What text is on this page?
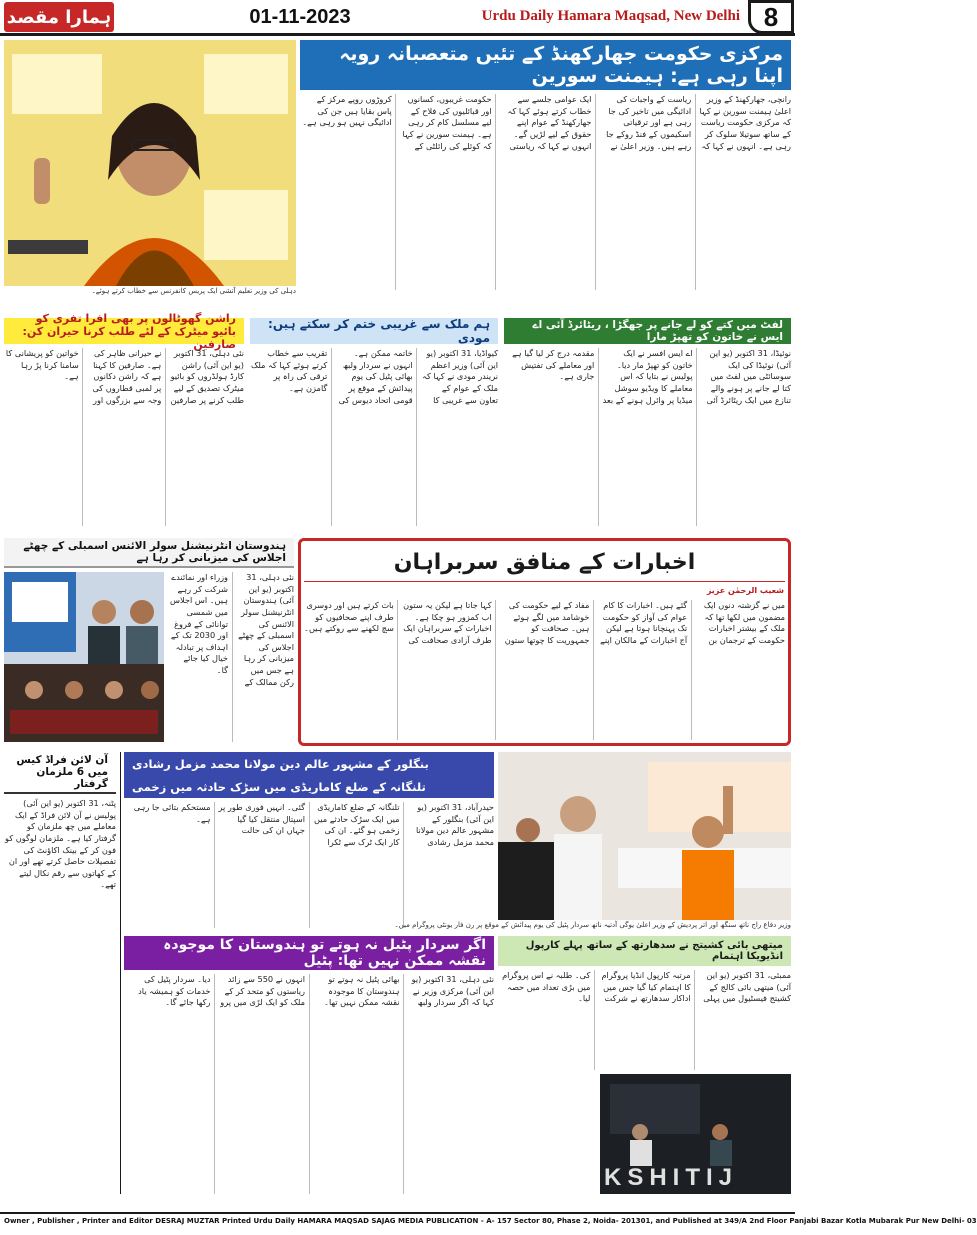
ہمارا مقصد	01-11-2023	Urdu Daily Hamara Maqsad, New Delhi 8
دہلی کی وزیر تعلیم آتشی ایک پریس کانفرنس سے خطاب کرتے ہوئے۔
مرکزی حکومت جھارکھنڈ کے تئیں متعصبانہ رویہ اپنا رہی ہے: ہیمنت سورین
رانچی، جھارکھنڈ کے وزیر اعلیٰ ہیمنت سورین نے کہا کہ مرکزی حکومت ریاست کے ساتھ سوتیلا سلوک کر رہی ہے۔ انہوں نے کہا کہ ریاست کے واجبات کی ادائیگی میں تاخیر کی جا رہی ہے اور ترقیاتی اسکیموں کے فنڈ روکے جا رہے ہیں۔ وزیر اعلیٰ نے ایک عوامی جلسے سے خطاب کرتے ہوئے کہا کہ جھارکھنڈ کے عوام اپنے حقوق کے لیے لڑیں گے۔ انہوں نے کہا کہ ریاستی حکومت غریبوں، کسانوں اور قبائلیوں کی فلاح کے لیے مسلسل کام کر رہی ہے۔ ہیمنت سورین نے کہا کہ کوئلے کی رائلٹی کے کروڑوں روپے مرکز کے پاس بقایا ہیں جن کی ادائیگی نہیں ہو رہی ہے۔
راشن گھوٹالوں پر بھی افرا تفری کو بائیو میٹرک کے لئے طلب کرنا حیران کن: صارفین
نئی دہلی، 31 اکتوبر (یو این آئی) راشن کارڈ ہولڈروں کو بائیو میٹرک تصدیق کے لیے طلب کرنے پر صارفین نے حیرانی ظاہر کی ہے۔ صارفین کا کہنا ہے کہ راشن دکانوں پر لمبی قطاروں کی وجہ سے بزرگوں اور خواتین کو پریشانی کا سامنا کرنا پڑ رہا ہے۔
ہم ملک سے غریبی ختم کر سکتے ہیں: مودی
کیواڈیا، 31 اکتوبر (یو این آئی) وزیر اعظم نریندر مودی نے کہا کہ ملک کے عوام کے تعاون سے غریبی کا خاتمہ ممکن ہے۔ انہوں نے سردار ولبھ بھائی پٹیل کی یوم پیدائش کے موقع پر قومی اتحاد دیوس کی تقریب سے خطاب کرتے ہوئے کہا کہ ملک ترقی کی راہ پر گامزن ہے۔
لفٹ میں کتے کو لے جانے پر جھگڑا ، ریٹائرڈ آئی اے ایس نے خاتون کو تھپڑ مارا
نوئیڈا، 31 اکتوبر (یو این آئی) نوئیڈا کی ایک سوسائٹی میں لفٹ میں کتا لے جانے پر ہونے والے تنازع میں ایک ریٹائرڈ آئی اے ایس افسر نے ایک خاتون کو تھپڑ مار دیا۔ پولیس نے بتایا کہ اس معاملے کا ویڈیو سوشل میڈیا پر وائرل ہونے کے بعد مقدمہ درج کر لیا گیا ہے اور معاملے کی تفتیش جاری ہے۔
ہندوستان انٹرنیشنل سولر الائنس اسمبلی کے چھٹے اجلاس کی میزبانی کر رہا ہے
نئی دہلی، 31 اکتوبر (یو این آئی) ہندوستان انٹرنیشنل سولر الائنس کی اسمبلی کے چھٹے اجلاس کی میزبانی کر رہا ہے جس میں رکن ممالک کے وزراء اور نمائندے شرکت کر رہے ہیں۔ اس اجلاس میں شمسی توانائی کے فروغ اور 2030 تک کے اہداف پر تبادلہ خیال کیا جائے گا۔
اخبارات کے منافق سربراہان
شعیب الرحمٰن عزیز
میں نے گزشتہ دنوں ایک مضمون میں لکھا تھا کہ ملک کے بیشتر اخبارات حکومت کے ترجمان بن گئے ہیں۔ اخبارات کا کام عوام کی آواز کو حکومت تک پہنچانا ہوتا ہے لیکن آج اخبارات کے مالکان اپنے مفاد کے لیے حکومت کی خوشامد میں لگے ہوئے ہیں۔ صحافت کو جمہوریت کا چوتھا ستون کہا جاتا ہے لیکن یہ ستون اب کمزور ہو چکا ہے۔ اخبارات کے سربراہان ایک طرف آزادی صحافت کی بات کرتے ہیں اور دوسری طرف اپنے صحافیوں کو سچ لکھنے سے روکتے ہیں۔
آن لائن فراڈ کیس میں 6 ملزمان گرفتار
پٹنہ، 31 اکتوبر (یو این آئی) پولیس نے آن لائن فراڈ کے ایک معاملے میں چھ ملزمان کو گرفتار کیا ہے۔ ملزمان لوگوں کو فون کر کے بینک اکاؤنٹ کی تفصیلات حاصل کرتے تھے اور ان کے کھاتوں سے رقم نکال لیتے تھے۔
بنگلور کے مشہور عالم دین مولانا محمد مزمل رشادی
تلنگانہ کے ضلع کاماریڈی میں سڑک حادثہ میں زخمی
حیدرآباد، 31 اکتوبر (یو این آئی) بنگلور کے مشہور عالم دین مولانا محمد مزمل رشادی تلنگانہ کے ضلع کاماریڈی میں ایک سڑک حادثے میں زخمی ہو گئے۔ ان کی کار ایک ٹرک سے ٹکرا گئی۔ انہیں فوری طور پر اسپتال منتقل کیا گیا جہاں ان کی حالت مستحکم بتائی جا رہی ہے۔
وزیر دفاع راج ناتھ سنگھ اور اتر پردیش کے وزیر اعلیٰ یوگی آدتیہ ناتھ سردار پٹیل کی یوم پیدائش کے موقع پر رن فار یونٹی پروگرام میں۔
اگر سردار پٹیل نہ ہوتے تو ہندوستان کا موجودہ نقشہ ممکن نہیں تھا: پٹیل
نئی دہلی، 31 اکتوبر (یو این آئی) مرکزی وزیر نے کہا کہ اگر سردار ولبھ بھائی پٹیل نہ ہوتے تو ہندوستان کا موجودہ نقشہ ممکن نہیں تھا۔ انہوں نے 550 سے زائد ریاستوں کو متحد کر کے ملک کو ایک لڑی میں پرو دیا۔ سردار پٹیل کی خدمات کو ہمیشہ یاد رکھا جائے گا۔
میتھی بائی کشیتج نے سدھارتھ کے ساتھ پہلے کارپول انڈیویکا اہتمام
ممبئی، 31 اکتوبر (یو این آئی) میتھی بائی کالج کے کشیتج فیسٹیول میں پہلی مرتبہ کارپول انڈیا پروگرام کا اہتمام کیا گیا جس میں اداکار سدھارتھ نے شرکت کی۔ طلبہ نے اس پروگرام میں بڑی تعداد میں حصہ لیا۔
KSHITIJ
Owner , Publisher , Printer and Editor DESRAJ MUZTAR Printed Urdu Daily HAMARA MAQSAD SAJAG MEDIA PUBLICATION - A- 157 Sector 80, Phase 2, Noida- 201301, and Published at 349/A 2nd Floor Panjabi Bazar Kotla Mubarak Pur New Delhi- 03
